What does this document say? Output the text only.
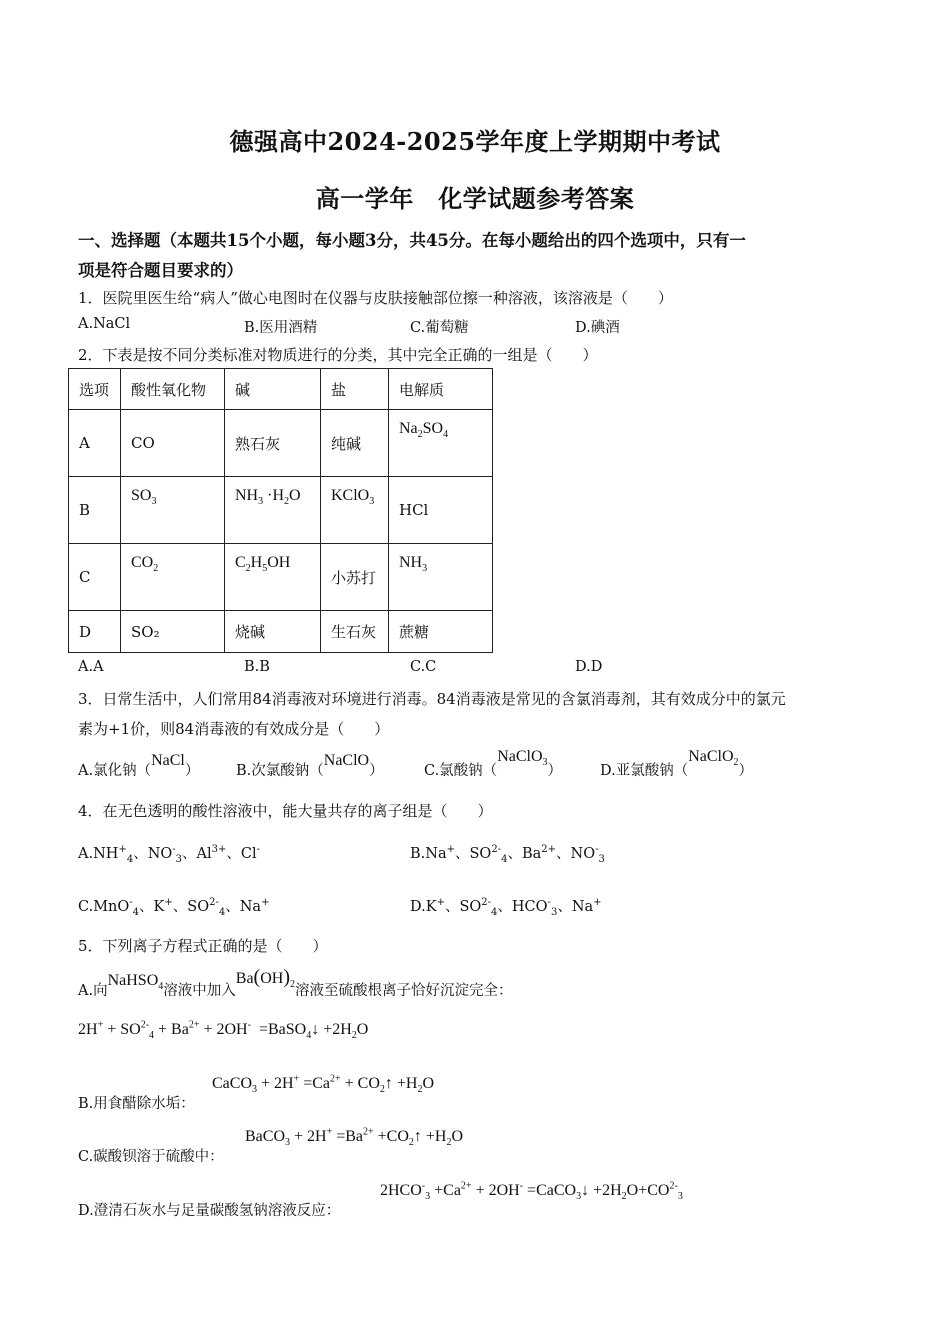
德强高中2024-2025学年度上学期期中考试
高一学年　化学试题参考答案
一、选择题（本题共15个小题，每小题3分，共45分。在每小题给出的四个选项中，只有一
项是符合题目要求的）
1．医院里医生给“病人”做心电图时在仪器与皮肤接触部位擦一种溶液，该溶液是（　　）
A.NaCl	B.医用酒精	C.葡萄糖	D.碘酒
2．下表是按不同分类标准对物质进行的分类，其中完全正确的一组是（　　）
选项	酸性氧化物	碱	盐	电解质
A	CO	熟石灰	纯碱	$Na_2SO_4$
B	$SO_3$	$NH_3 \cdot H_2O$	KClO$_3$	HCl
C	$CO_2$	$C_2H_5OH$	小苏打	$NH_3$
D	SO₂	烧碱	生石灰	蔗糖
A.A	B.B	C.C	D.D
3．日常生活中，人们常用84消毒液对环境进行消毒。84消毒液是常见的含氯消毒剂，其有效成分中的氯元
素为+1价，则84消毒液的有效成分是（　　）
A.氯化钠（NaCl）	B.次氯酸钠（NaClO）	C.氯酸钠（NaClO$_3$）	D.亚氯酸钠（NaClO$_2$）
4．在无色透明的酸性溶液中，能大量共存的离子组是（　　）
$A.NH^+_4$、$NO^-_3$、$Al^{3+}$、Cl-	B.Na+、$SO^{2-}_4$、$Ba^{2+}$、$NO^-_3$
C.MnO-$_4$、K+、$SO^{2-}_4$、Na+	D.K+、$SO^{2-}_4$、$HCO^-_3$、Na+
5．下列离子方程式正确的是（　　）
A.向NaHSO$_4$溶液中加入$Ba(OH)_2$溶液至硫酸根离子恰好沉淀完全：
$2H^+ + SO^{2-}_4 + Ba^{2+} + 2OH^-$  =BaSO$_4$↓ $+2H_2O$
B.用食醋除水垢：
CaCO$_3$ + $2H^+ =Ca^{2+}$ + $CO_2↑ +H_2O$
C.碳酸钡溶于硫酸中：
BaCO$_3$ + $2H^+ =Ba^{2+}$ $+CO_2↑ +H_2O$
D.澄清石灰水与足量碳酸氢钠溶液反应：
$2HCO^-_3 +Ca^{2+} + 2OH^-$ =CaCO$_3$↓ $+2H_2O+CO^{2-}_3$
